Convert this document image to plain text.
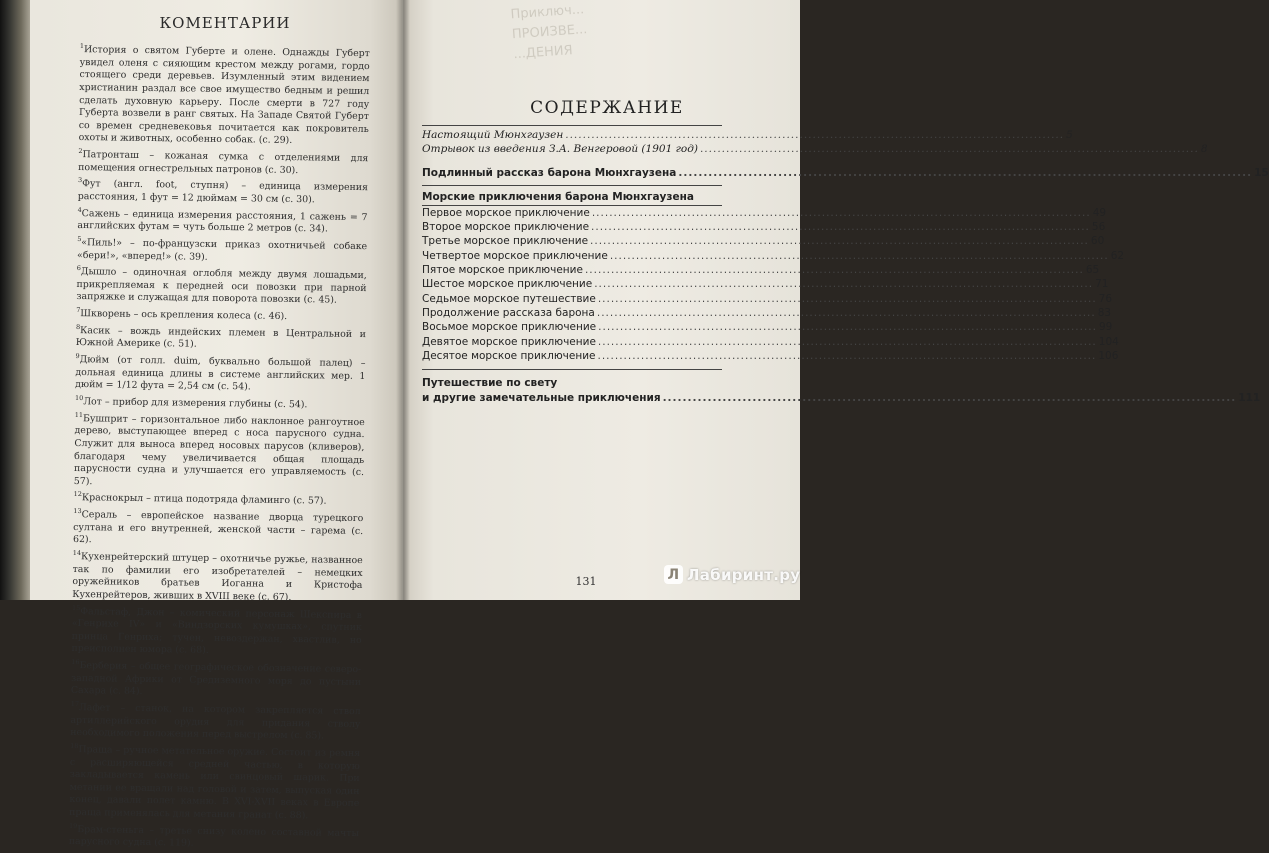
КОМЕНТАРИИ
$^1$История о святом Губерте и олене. Однажды Губерт увидел оленя с сияющим крестом между рогами, гордо стоящего среди деревьев. Изумленный этим видением христианин раздал все свое имущество бедным и решил сделать духовную карьеру. После смерти в 727 году Губерта возвели в ранг святых. На Западе Святой Губерт со времен средневековья почитается как покровитель охоты и животных, особенно собак. (с. 29).
$^2$Патронташ – кожаная сумка с отделениями для помещения огнестрельных патронов (с. 30).
$^3$Фут (англ. foot, ступня) – единица измерения расстояния, 1 фут = 12 дюймам = 30 см (с. 30).
$^4$Сажень – единица измерения расстояния, 1 сажень = 7 английских футам = чуть больше 2 метров (с. 34).
$^5$«Пиль!» – по-французски приказ охотничьей собаке «бери!», «вперед!» (с. 39).
$^6$Дышло – одиночная оглобля между двумя лошадьми, прикрепляемая к передней оси повозки при парной запряжке и служащая для поворота повозки (с. 45).
$^7$Шкворень – ось крепления колеса (с. 46).
$^8$Касик – вождь индейских племен в Центральной и Южной Америке (с. 51).
$^9$Дюйм (от голл. duim, буквально большой палец) – дольная единица длины в системе английских мер. 1 дюйм = 1/12 фута = 2,54 см (с. 54).
$^{10}$Лот – прибор для измерения глубины (с. 54).
$^{11}$Бушприт – горизонтальное либо наклонное рангоутное дерево, выступающее вперед с носа парусного судна. Служит для выноса вперед носовых парусов (кливеров), благодаря чему увеличивается общая площадь парусности судна и улучшается его управляемость (с. 57).
$^{12}$Краснокрыл – птица подотряда фламинго (с. 57).
$^{13}$Сераль – европейское название дворца турецкого султана и его внутренней, женской части – гарема (с. 62).
$^{14}$Кухенрейтерский штуцер – охотничье ружье, названное так по фамилии его изобретателей – немецких оружейников братьев Иоганна и Кристофа Кухенрейтеров, живших в XVIII веке (с. 67).
$^{15}$Фальстаф, Джон – комический персонаж Шекспира в «Генрихе IV» и «Виндзорских кумушках», спутник принца Генриха; тучен, невоздержан, хвастлив, но преисполнен юмора (с. 68).
$^{16}$Берберия – общее географическое обозначение северо-западной Африки от Средиземного моря до пустыни Сахара (с. 84).
$^{17}$Лафет – станок, на котором закрепляется ствол артиллерийского орудия для придания стволу необходимого положения перед выстрелом (с. 85).
$^{18}$Праща – ручное метательное оружие. Состоит из ремня с расширяющейся средней частью, в которую закладывается камень или свинцовый шарик. При метании ее вращали над головой и затем, выпуская один конец, давали полет камню. В XVI-XVII веках в Европе праща применялась для метания гранат (с. 88).
$^{19}$Брам-стеньга – третье снизу колено составной мачты парусного судна (с. 119).
Приключ...
ПРОИЗВЕ...
...ДЕНИЯ
СОДЕРЖАНИЕ
Настоящий Мюнхгаузен .....	5
Отрывок из введения З.А. Венгеровой (1901 год) .....	8
Подлинный рассказ барона Мюнхгаузена .....	15
Морские приключения барона Мюнхгаузена
Первое морское приключение .....	49
Второе морское приключение .....	56
Третье морское приключение .....	60
Четвертое морское приключение .....	62
Пятое морское приключение .....	65
Шестое морское приключение .....	71
Седьмое морское путешествие .....	76
Продолжение рассказа барона .....	83
Восьмое морское приключение .....	99
Девятое морское приключение .....	104
Десятое морское приключение .....	106
Путешествие по свету
и другие замечательные приключения .....	111
131	Л Лабиринт.ру
